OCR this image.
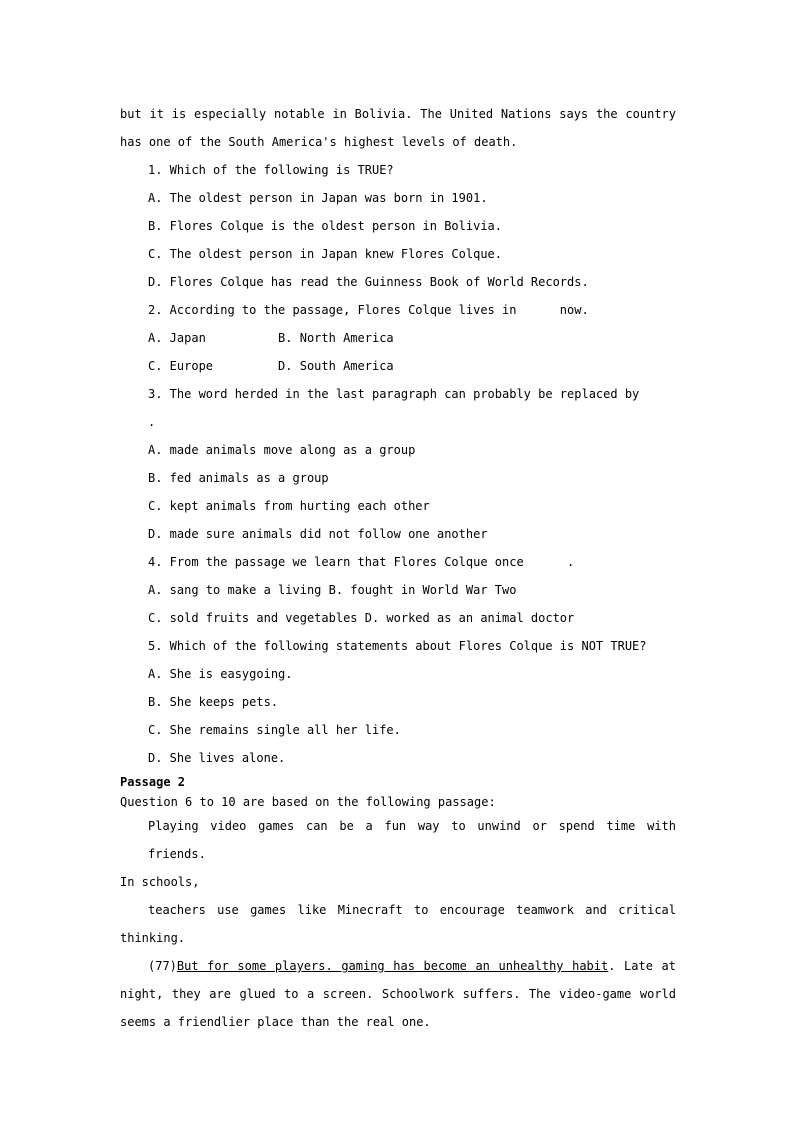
but it is especially notable in Bolivia. The United Nations says the country
has one of the South America's highest levels of death.
1. Which of the following is TRUE?
A. The oldest person in Japan was born in 1901.
B. Flores Colque is the oldest person in Bolivia.
C. The oldest person in Japan knew Flores Colque.
D. Flores Colque has read the Guinness Book of World Records.
2. According to the passage, Flores Colque lives in      now.
A. Japan          B. North America
C. Europe         D. South America
3. The word herded in the last paragraph can probably be replaced by     .
A. made animals move along as a group
B. fed animals as a group
C. kept animals from hurting each other
D. made sure animals did not follow one another
4. From the passage we learn that Flores Colque once      .
A. sang to make a living B. fought in World War Two
C. sold fruits and vegetables D. worked as an animal doctor
5. Which of the following statements about Flores Colque is NOT TRUE?
A. She is easygoing.
B. She keeps pets.
C. She remains single all her life.
D. She lives alone.
Passage 2
Question 6 to 10 are based on the following passage:
Playing video games can be a fun way to unwind or spend time with friends.
In schools,
teachers use games like Minecraft to encourage teamwork and critical
thinking.
(77)But for some players. gaming has become an unhealthy habit. Late at
night, they are glued to a screen. Schoolwork suffers. The video-game world
seems a friendlier place than the real one.
